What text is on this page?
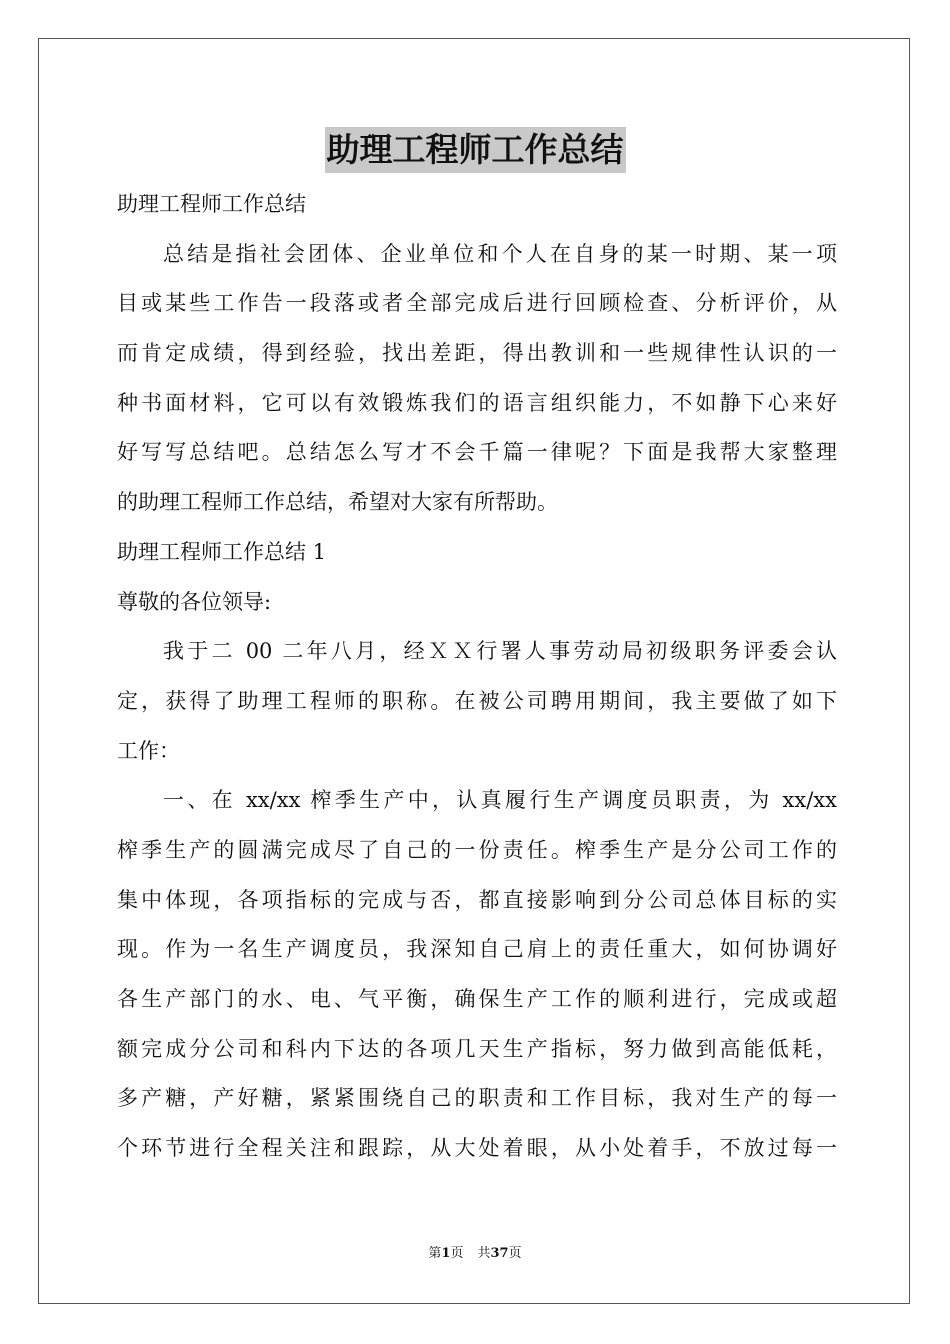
助理工程师工作总结
助理工程师工作总结
总结是指社会团体、企业单位和个人在自身的某一时期、某一项
目或某些工作告一段落或者全部完成后进行回顾检查、分析评价，从
而肯定成绩，得到经验，找出差距，得出教训和一些规律性认识的一
种书面材料，它可以有效锻炼我们的语言组织能力，不如静下心来好
好写写总结吧。总结怎么写才不会千篇一律呢？下面是我帮大家整理
的助理工程师工作总结，希望对大家有所帮助。
助理工程师工作总结 1
尊敬的各位领导:
我于二 00 二年八月，经ＸＸ行署人事劳动局初级职务评委会认
定，获得了助理工程师的职称。在被公司聘用期间，我主要做了如下
工作：
一、在 xx/xx 榨季生产中，认真履行生产调度员职责，为 xx/xx
榨季生产的圆满完成尽了自己的一份责任。榨季生产是分公司工作的
集中体现，各项指标的完成与否，都直接影响到分公司总体目标的实
现。作为一名生产调度员，我深知自己肩上的责任重大，如何协调好
各生产部门的水、电、气平衡，确保生产工作的顺利进行，完成或超
额完成分公司和科内下达的各项几天生产指标，努力做到高能低耗，
多产糖，产好糖，紧紧围绕自己的职责和工作目标，我对生产的每一
个环节进行全程关注和跟踪，从大处着眼，从小处着手，不放过每一
第1页 共37页
